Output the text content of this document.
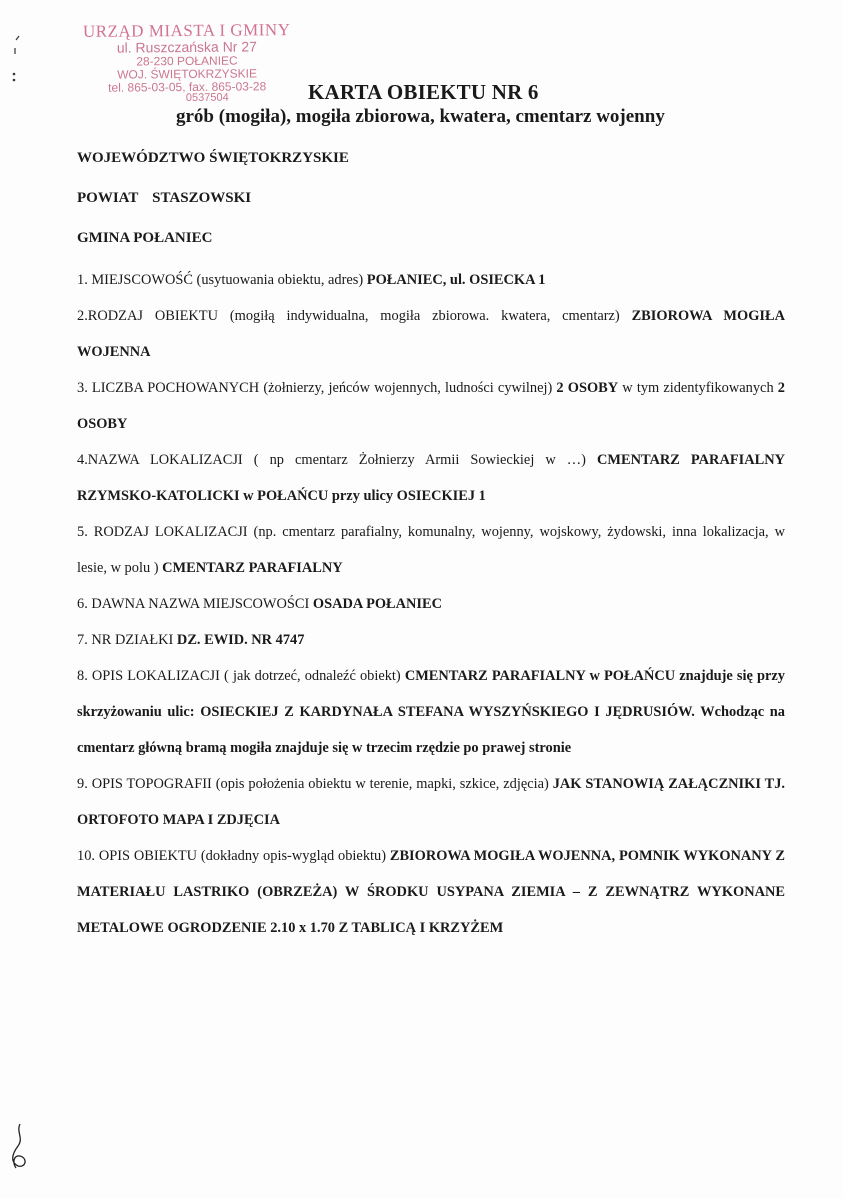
URZĄD MIASTA I GMINY
ul. Ruszczańska Nr 27
28-230 POŁANIEC
WOJ. ŚWIĘTOKRZYSKIE
tel. 865-03-05, fax. 865-03-28
0537504	KARTA OBIEKTU NR 6
grób (mogiła), mogiła zbiorowa, kwatera, cmentarz wojenny

WOJEWÓDZTWO ŚWIĘTOKRZYSKIE

POWIAT STASZOWSKI

GMINA POŁANIEC

1. MIEJSCOWOŚĆ (usytuowania obiektu, adres) POŁANIEC, ul. OSIECKA 1

2.RODZAJ OBIEKTU (mogiłą indywidualna, mogiła zbiorowa. kwatera, cmentarz) ZBIOROWA MOGIŁA WOJENNA

3. LICZBA POCHOWANYCH (żołnierzy, jeńców wojennych, ludności cywilnej) 2 OSOBY w tym zidentyfikowanych 2 OSOBY

4.NAZWA LOKALIZACJI ( np cmentarz Żołnierzy Armii Sowieckiej w …) CMENTARZ PARAFIALNY RZYMSKO-KATOLICKI w POŁAŃCU przy ulicy OSIECKIEJ 1

5. RODZAJ LOKALIZACJI (np. cmentarz parafialny, komunalny, wojenny, wojskowy, żydowski, inna lokalizacja, w lesie, w polu ) CMENTARZ PARAFIALNY

6. DAWNA NAZWA MIEJSCOWOŚCI OSADA POŁANIEC

7. NR DZIAŁKI DZ. EWID. NR 4747

8. OPIS LOKALIZACJI ( jak dotrzeć, odnaleźć obiekt) CMENTARZ PARAFIALNY w POŁAŃCU znajduje się przy skrzyżowaniu ulic: OSIECKIEJ Z KARDYNAŁA STEFANA WYSZYŃSKIEGO I JĘDRUSIÓW. Wchodząc na cmentarz główną bramą mogiła znajduje się w trzecim rzędzie po prawej stronie

9. OPIS TOPOGRAFII (opis położenia obiektu w terenie, mapki, szkice, zdjęcia) JAK STANOWIĄ ZAŁĄCZNIKI TJ. ORTOFOTO MAPA I ZDJĘCIA

10. OPIS OBIEKTU (dokładny opis-wygląd obiektu) ZBIOROWA MOGIŁA WOJENNA, POMNIK WYKONANY Z MATERIAŁU LASTRIKO (OBRZEŻA) W ŚRODKU USYPANA ZIEMIA – Z ZEWNĄTRZ WYKONANE METALOWE OGRODZENIE 2.10 x 1.70 Z TABLICĄ I KRZYŻEM
